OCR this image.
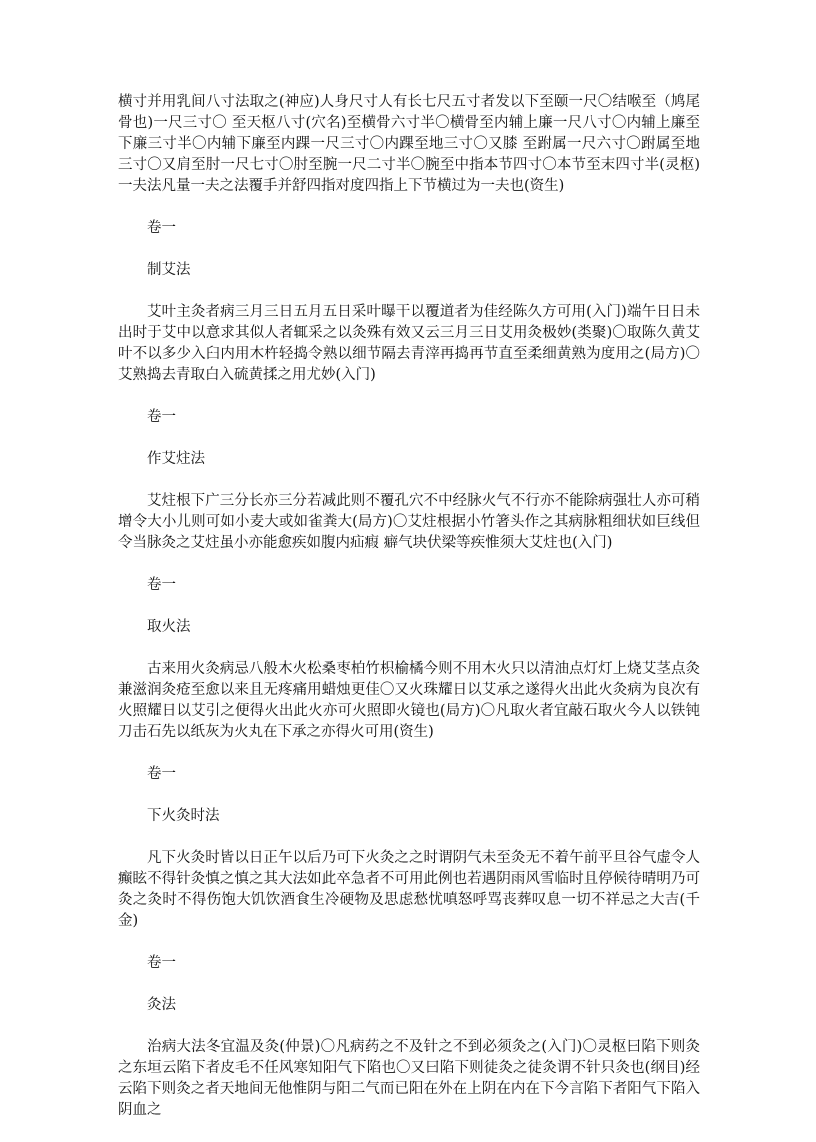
横寸并用乳间八寸法取之(神应)人身尺寸人有长七尺五寸者发以下至颐一尺〇结喉至（鸠尾骨也)一尺三寸〇 至天枢八寸(穴名)至横骨六寸半〇横骨至内辅上廉一尺八寸〇内辅上廉至下廉三寸半〇内辅下廉至内踝一尺三寸〇内踝至地三寸〇又膝 至跗属一尺六寸〇跗属至地三寸〇又肩至肘一尺七寸〇肘至腕一尺二寸半〇腕至中指本节四寸〇本节至末四寸半(灵枢)一夫法凡量一夫之法覆手并舒四指对度四指上下节横过为一夫也(资生)

卷一

制艾法

艾叶主灸者病三月三日五月五日采叶曝干以覆道者为佳经陈久方可用(入门)端午日日未出时于艾中以意求其似人者辄采之以灸殊有效又云三月三日艾用灸极妙(类聚)〇取陈久黄艾叶不以多少入臼内用木杵轻捣令熟以细节隔去青滓再捣再节直至柔细黄熟为度用之(局方)〇艾熟捣去青取白入硫黄揉之用尤妙(入门)

卷一

作艾炷法

艾炷根下广三分长亦三分若减此则不覆孔穴不中经脉火气不行亦不能除病强壮人亦可稍增令大小儿则可如小麦大或如雀粪大(局方)〇艾炷根据小竹箸头作之其病脉粗细状如巨线但令当脉灸之艾炷虽小亦能愈疾如腹内疝瘕 癖气块伏梁等疾惟须大艾炷也(入门)

卷一

取火法

古来用火灸病忌八般木火松桑枣柏竹枳榆橘今则不用木火只以清油点灯灯上烧艾茎点灸兼滋润灸疮至愈以来且无疼痛用蜡烛更佳〇又火珠耀日以艾承之遂得火出此火灸病为良次有火照耀日以艾引之便得火出此火亦可火照即火镜也(局方)〇凡取火者宜敲石取火今人以铁钝刀击石先以纸灰为火丸在下承之亦得火可用(资生)

卷一

下火灸时法

凡下火灸时皆以日正午以后乃可下火灸之之时谓阴气未至灸无不着午前平旦谷气虚令人癫眩不得针灸慎之慎之其大法如此卒急者不可用此例也若遇阴雨风雪临时且停候待晴明乃可灸之灸时不得伤饱大饥饮酒食生冷硬物及思虑愁忧嗔怒呼骂丧葬叹息一切不祥忌之大吉(千金)

卷一

灸法

治病大法冬宜温及灸(仲景)〇凡病药之不及针之不到必须灸之(入门)〇灵枢曰陷下则灸之东垣云陷下者皮毛不任风寒知阳气下陷也〇又曰陷下则徒灸之徒灸谓不针只灸也(纲目)经云陷下则灸之者天地间无他惟阴与阳二气而已阳在外在上阴在内在下今言陷下者阳气下陷入阴血之
